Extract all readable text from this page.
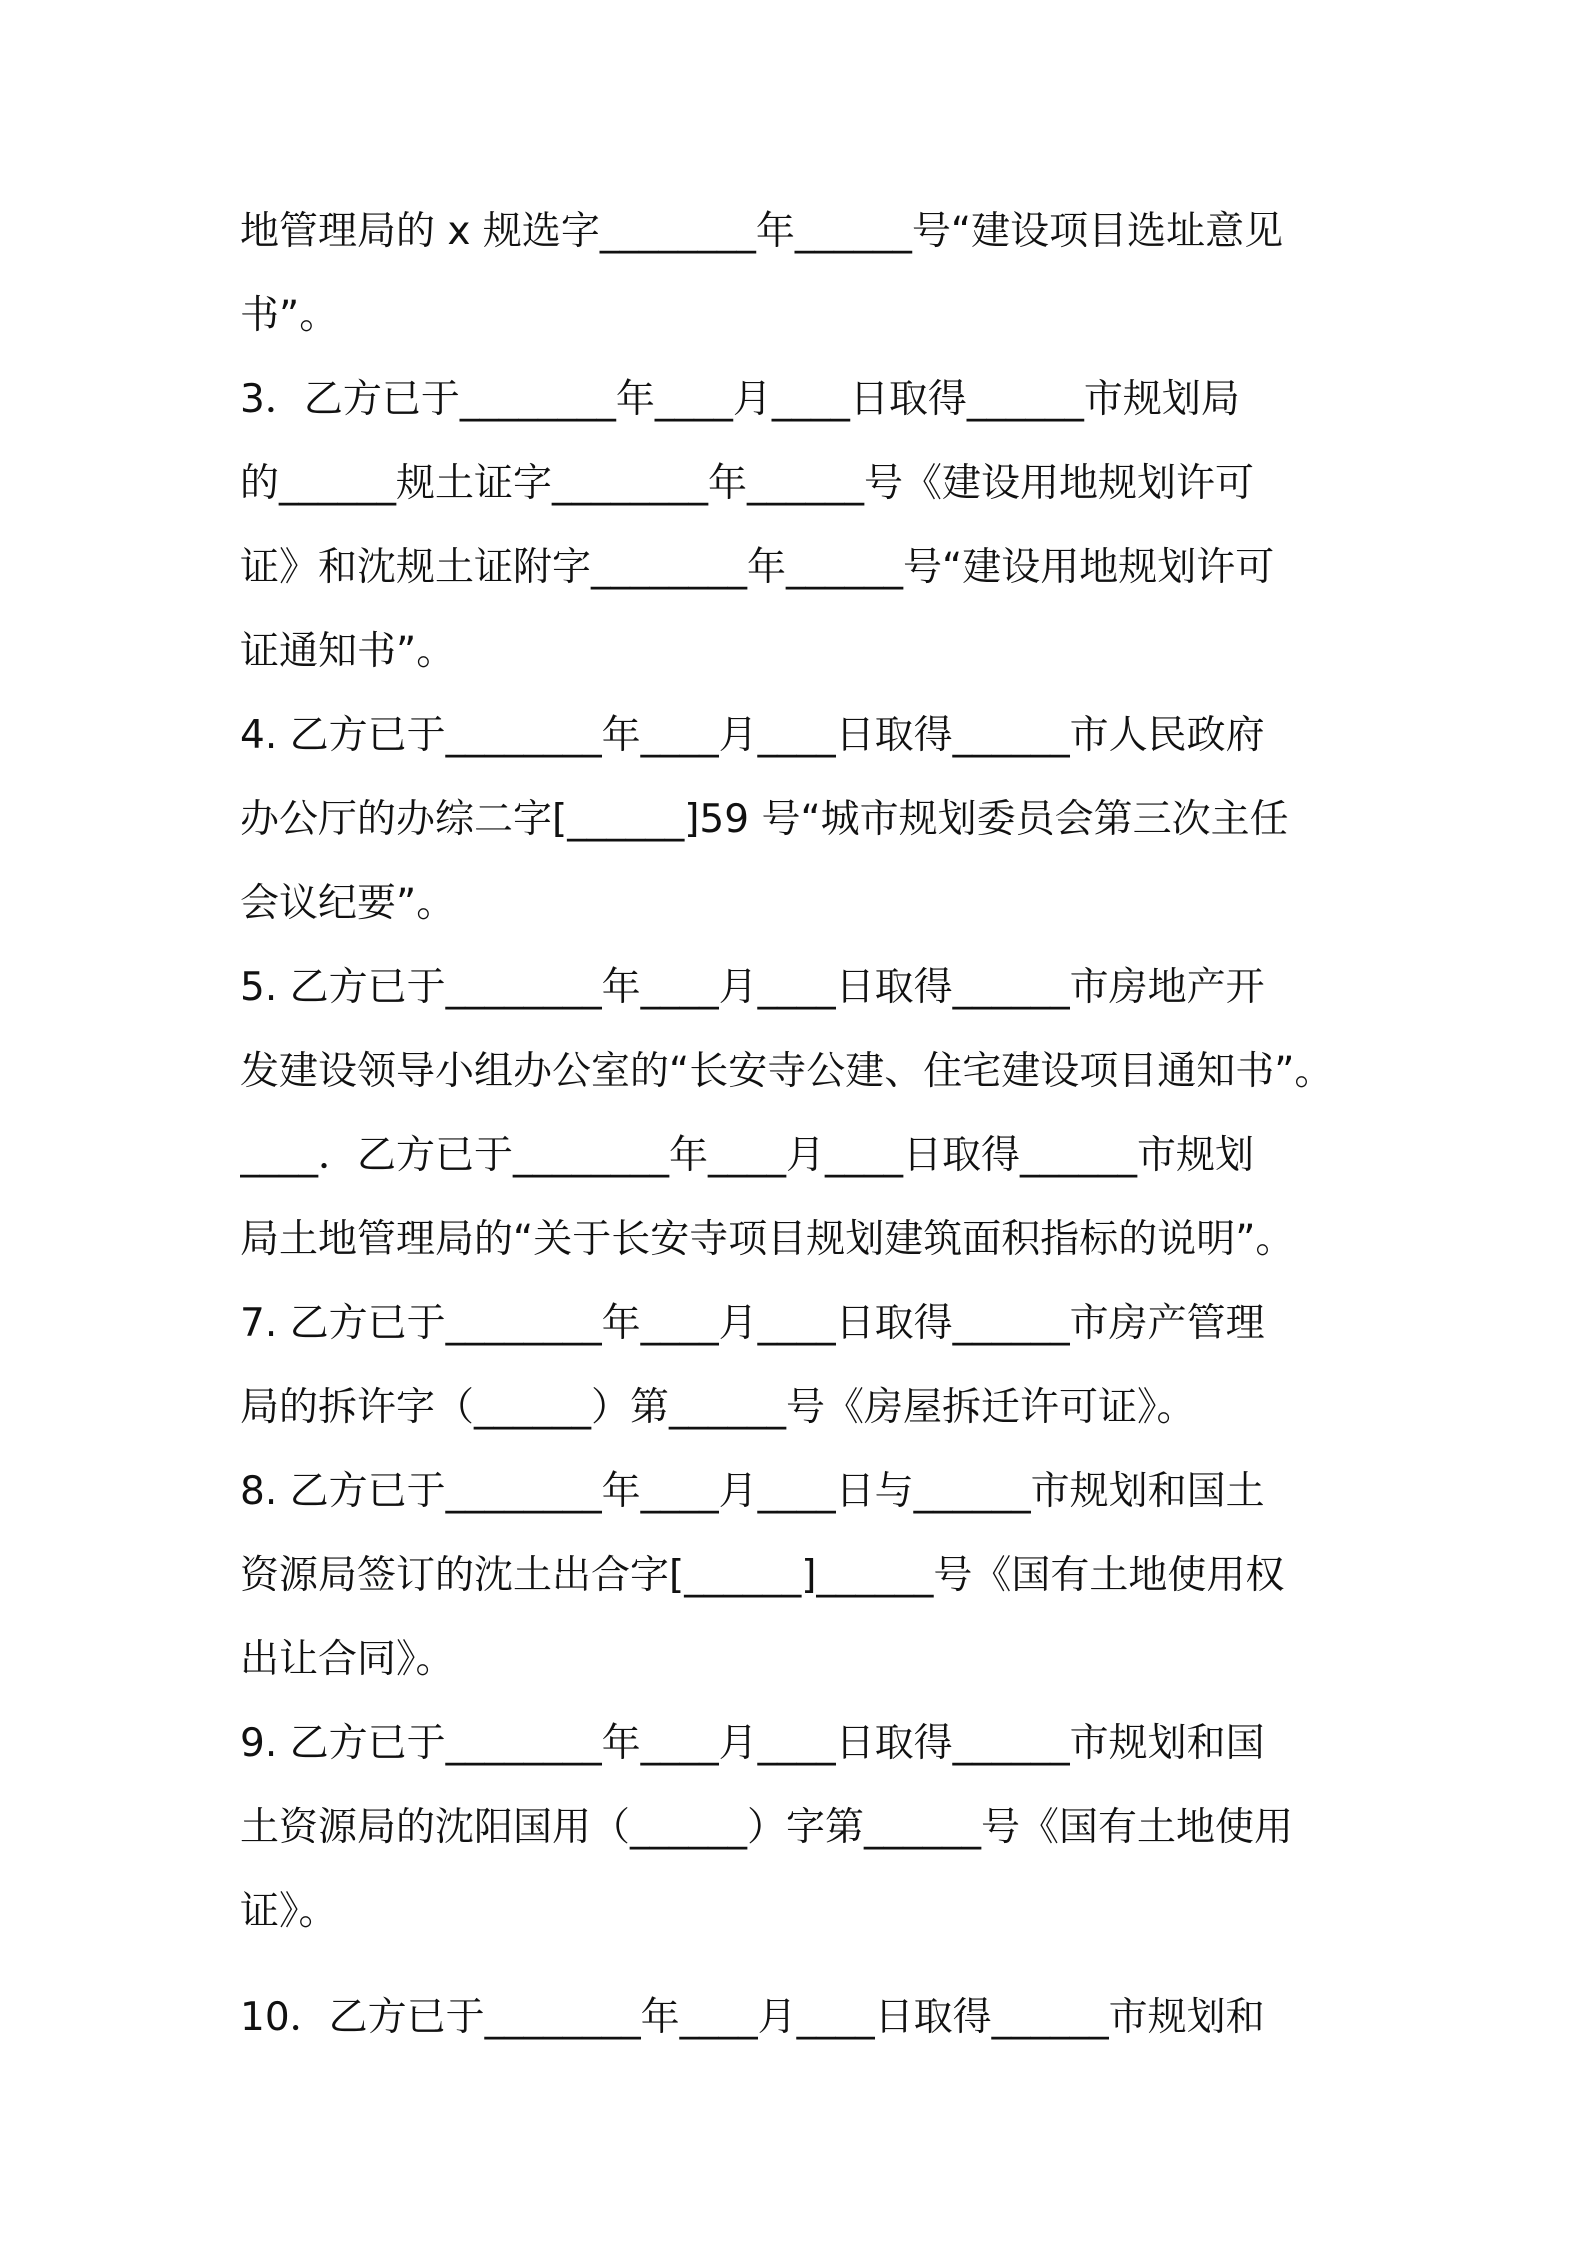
地管理局的 x 规选字________年______号“建设项目选址意见
书”。
3．乙方已于________年____月____日取得______市规划局
的______规土证字________年______号《建设用地规划许可
证》和沈规土证附字________年______号“建设用地规划许可
证通知书”。
4. 乙方已于________年____月____日取得______市人民政府
办公厅的办综二字[______]59 号“城市规划委员会第三次主任
会议纪要”。
5. 乙方已于________年____月____日取得______市房地产开
发建设领导小组办公室的“长安寺公建、住宅建设项目通知书”。
____．乙方已于________年____月____日取得______市规划
局土地管理局的“关于长安寺项目规划建筑面积指标的说明”。
7. 乙方已于________年____月____日取得______市房产管理
局的拆许字（______）第______号《房屋拆迁许可证》。
8. 乙方已于________年____月____日与______市规划和国土
资源局签订的沈土出合字[______]______号《国有土地使用权
出让合同》。
9. 乙方已于________年____月____日取得______市规划和国
土资源局的沈阳国用（______）字第______号《国有土地使用
证》。
10．乙方已于________年____月____日取得______市规划和
